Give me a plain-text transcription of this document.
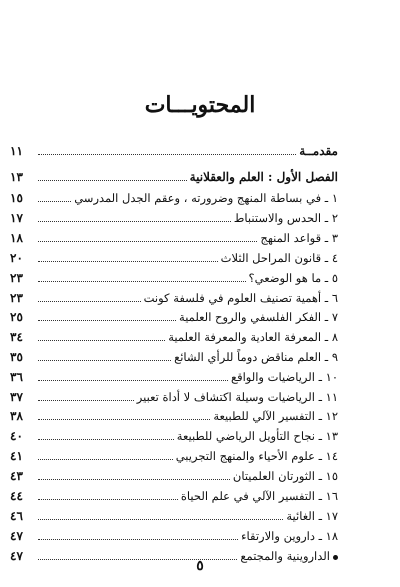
المحتويـــات
مقدمــة
١١
الفصل الأول : العلم والعقلانية
١٣
١ ـ في بساطة المنهج وضرورته ، وعقم الجدل المدرسي
١٥
٢ ـ الحدس والاستنباط
١٧
٣ ـ قواعد المنهج
١٨
٤ ـ قانون المراحل الثلاث
٢٠
٥ ـ ما هو الوضعي؟
٢٣
٦ ـ أهمية تصنيف العلوم في فلسفة كونت
٢٣
٧ ـ الفكر الفلسفي والروح العلمية
٢٥
٨ ـ المعرفة العادية والمعرفة العلمية
٣٤
٩ ـ العلم مناقض دوماً للرأي الشائع
٣٥
١٠ ـ الرياضيات والواقع
٣٦
١١ ـ الرياضيات وسيلة اكتشاف لا أداة تعبير
٣٧
١٢ ـ التفسير الآلي للطبيعة
٣٨
١٣ ـ نجاح التأويل الرياضي للطبيعة
٤٠
١٤ ـ علوم الأحياء والمنهج التجريبي
٤١
١٥ ـ الثورتان العلميتان
٤٣
١٦ ـ التفسير الآلي في علم الحياة
٤٤
١٧ ـ الغائية
٤٦
١٨ ـ داروين والارتقاء
٤٧
الداروينية والمجتمع
٤٧
٥
